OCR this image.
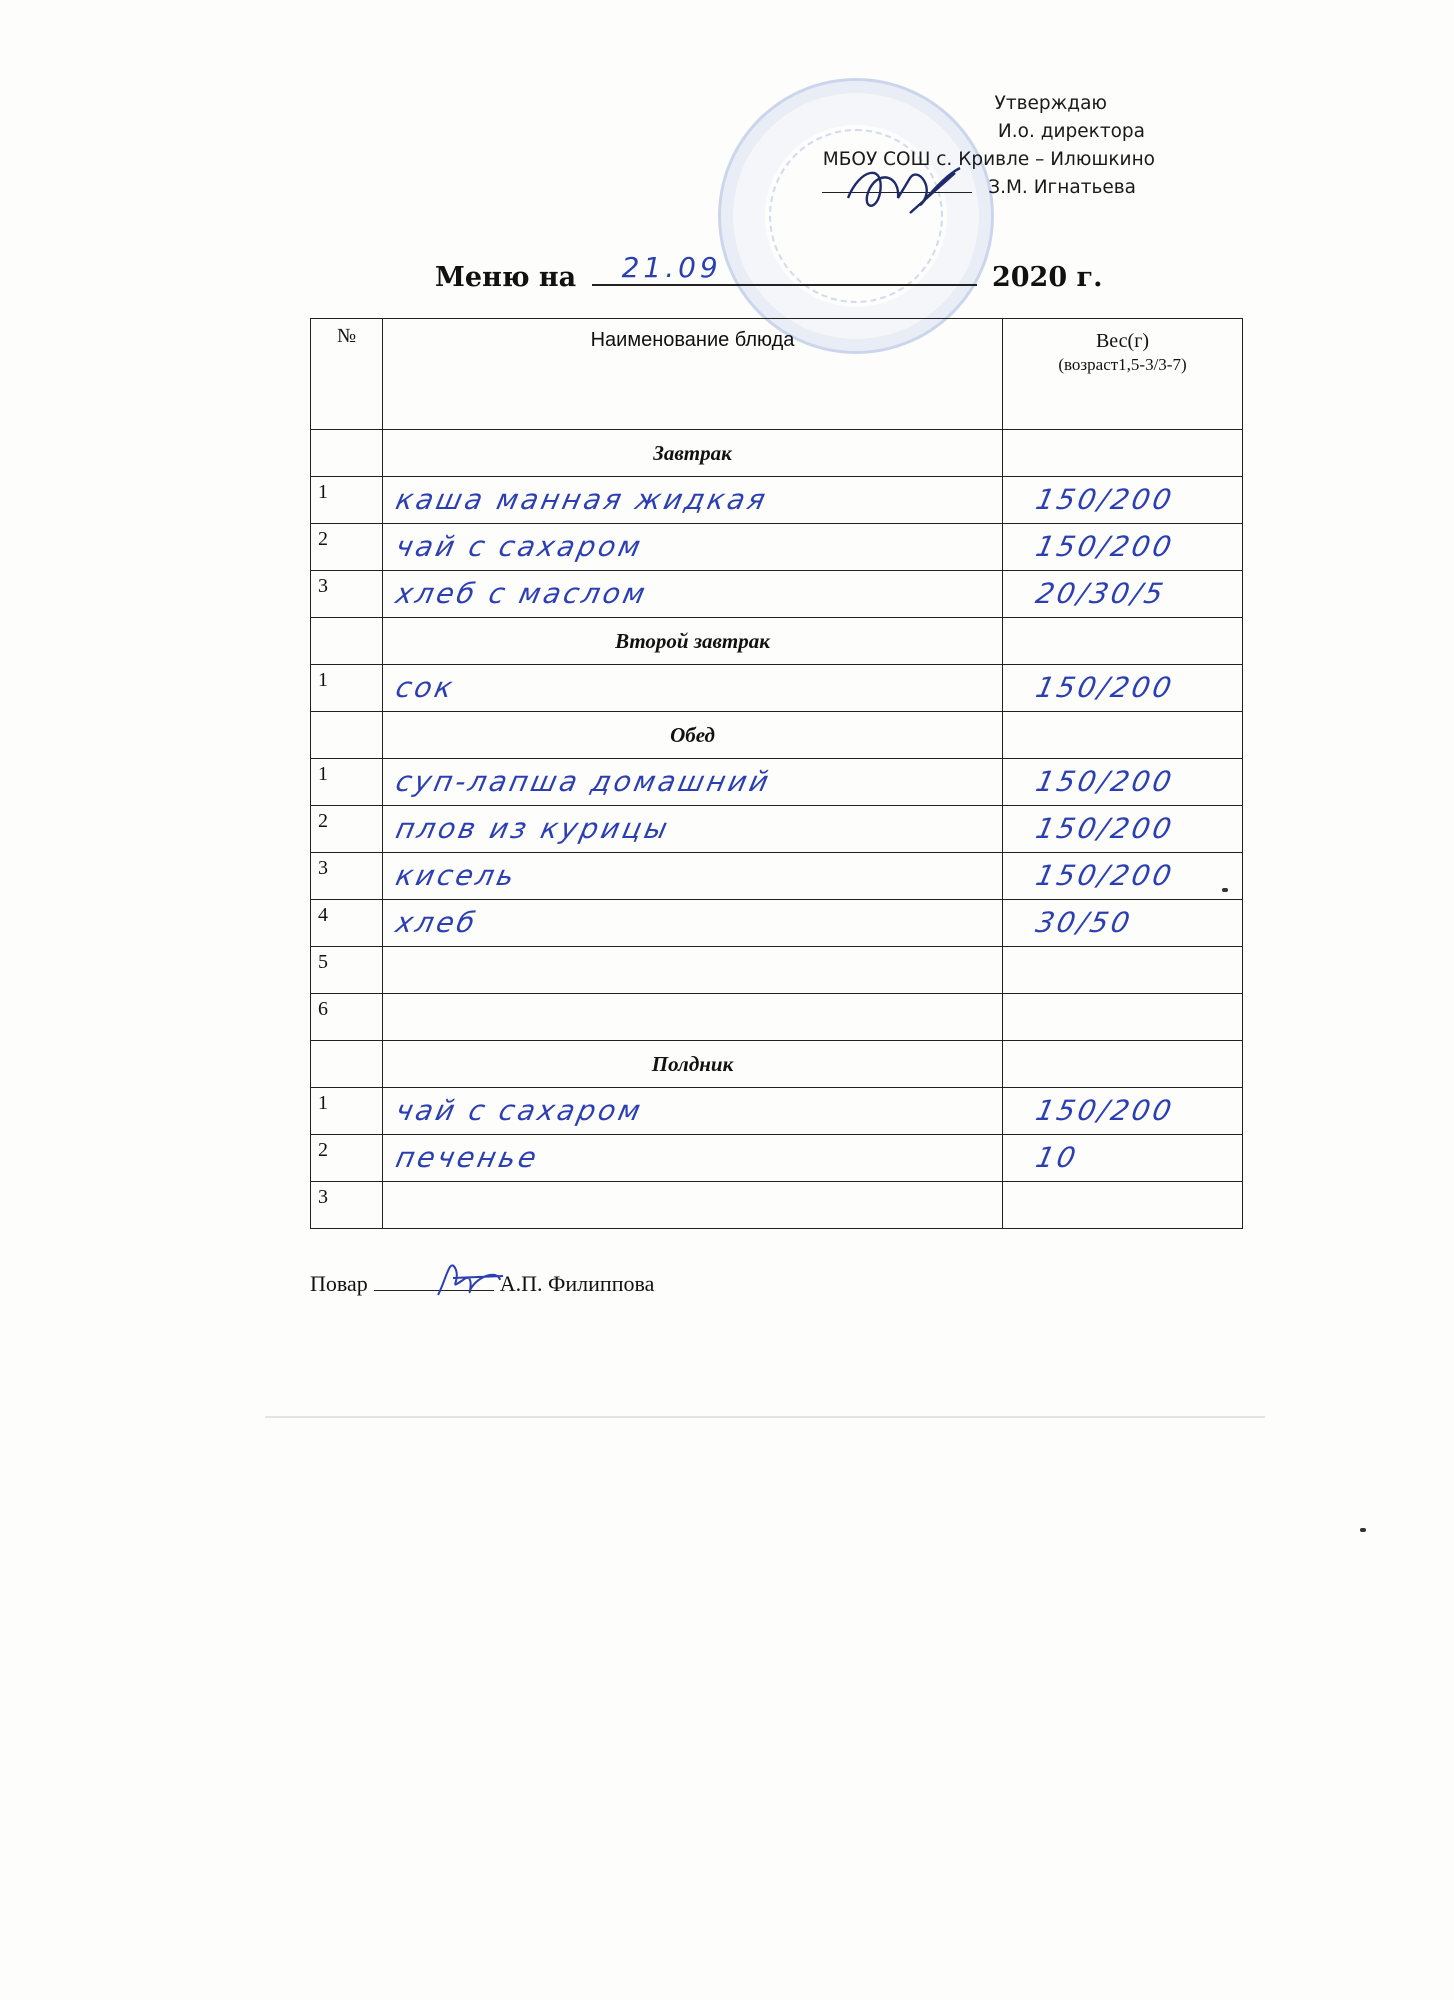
Утверждаю
И.о. директора
МБОУ СОШ с. Кривле – Илюшкино
З.М. Игнатьева
Меню на 21.09	2020 г.
№	Наименование блюда	Вес(г)
(возраст1,5-3/3-7)

	Завтрак	
1	каша манная жидкая	150/200

2	чай с сахаром	150/200

3	хлеб с маслом	20/30/5

	Второй завтрак	
1	сок	150/200

	Обед	
1	суп-лапша домашний	150/200

2	плов из курицы	150/200

3	кисель	150/200

4	хлеб	30/50

5	

6	

	Полдник	
1	чай с сахаром	150/200

2	печенье	10

3	

Повар	А.П. Филиппова
